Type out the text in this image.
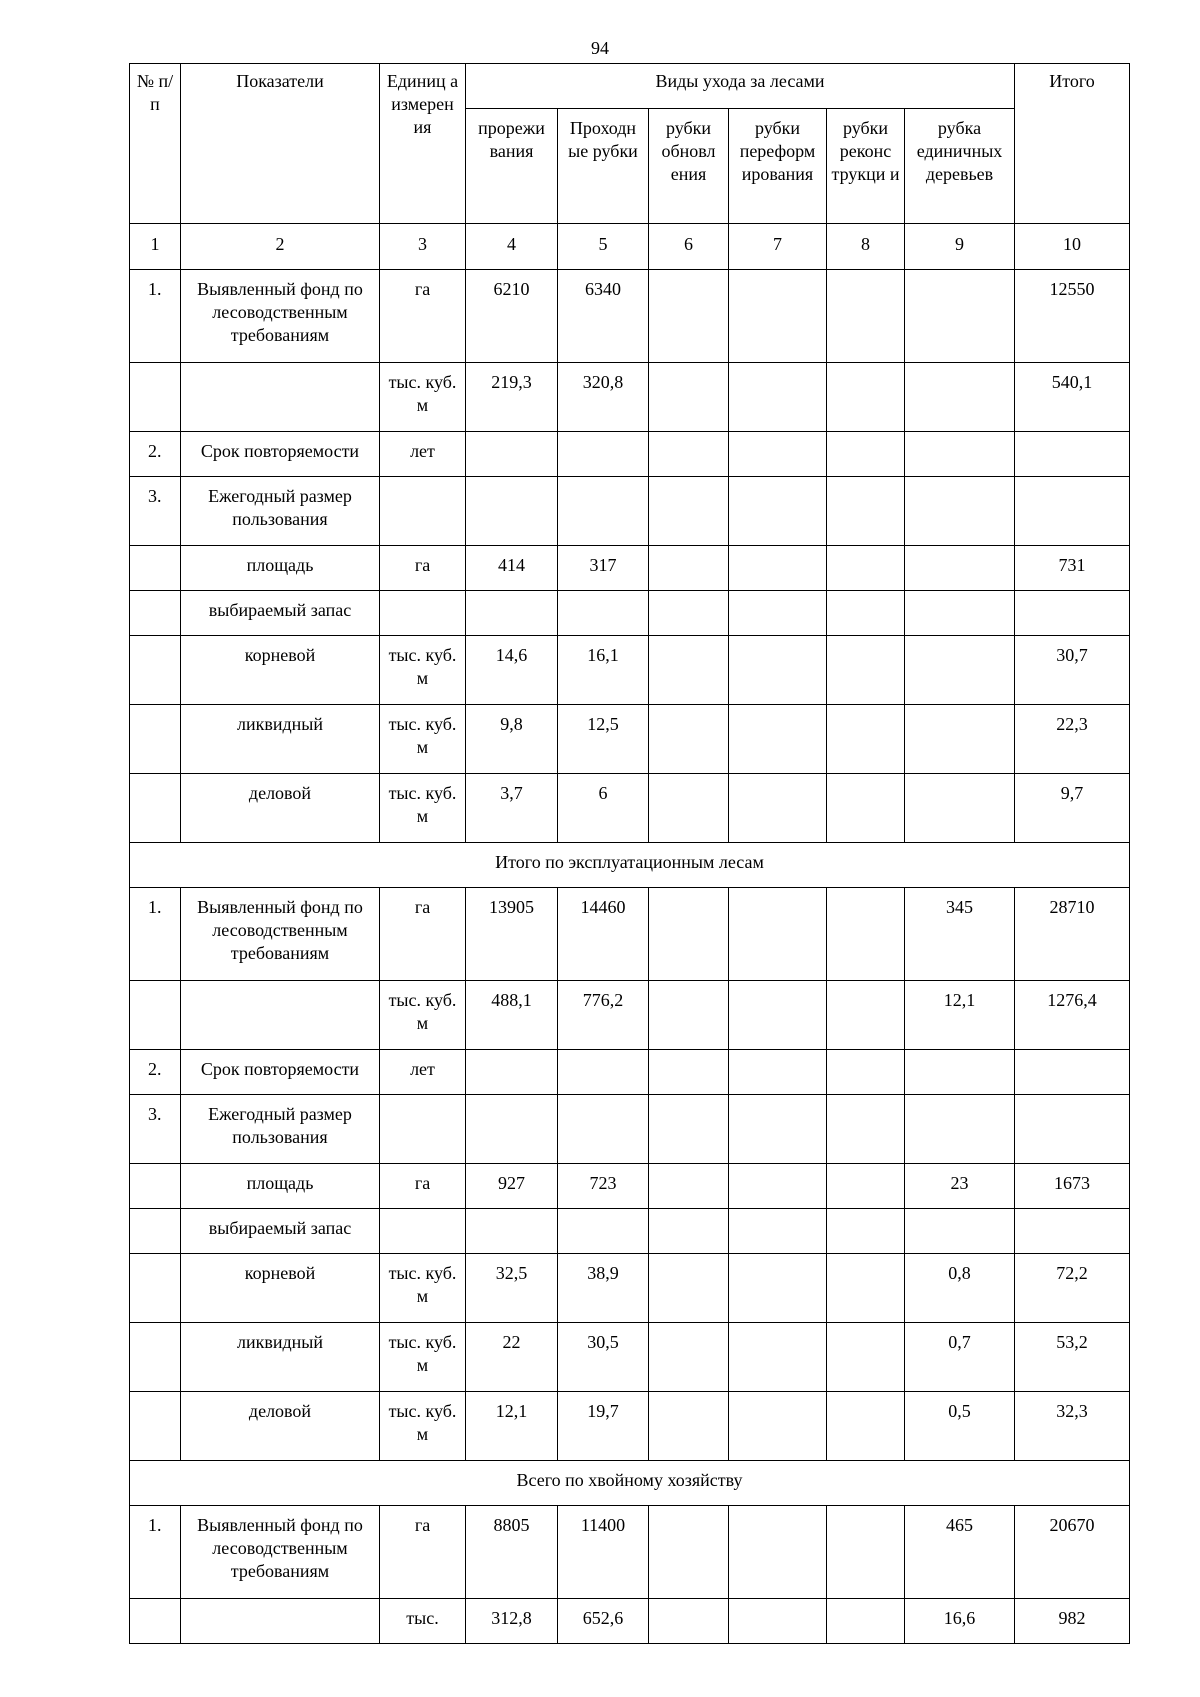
94
№ п/п	Показатели	Единиц а измерен ия	Виды ухода за лесами						Итого
			прорежи вания	Проходн ые рубки	рубки обновл ения	рубки переформ ирования	рубки реконс трукци и	рубка единичных деревьев	
1	2	3	4	5	6	7	8	9	10
1.	Выявленный фонд по лесоводственным требованиям	га	6210	6340					12550
		тыс. куб. м	219,3	320,8					540,1
2.	Срок повторяемости	лет							
3.	Ежегодный размер пользования								
	площадь	га	414	317					731
	выбираемый запас								
	корневой	тыс. куб. м	14,6	16,1					30,7
	ликвидный	тыс. куб. м	9,8	12,5					22,3
	деловой	тыс. куб. м	3,7	6					9,7
Итого по эксплуатационным лесам									
1.	Выявленный фонд по лесоводственным требованиям	га	13905	14460				345	28710
		тыс. куб. м	488,1	776,2				12,1	1276,4
2.	Срок повторяемости	лет							
3.	Ежегодный размер пользования								
	площадь	га	927	723				23	1673
	выбираемый запас								
	корневой	тыс. куб. м	32,5	38,9				0,8	72,2
	ликвидный	тыс. куб. м	22	30,5				0,7	53,2
	деловой	тыс. куб. м	12,1	19,7				0,5	32,3
Всего по хвойному хозяйству									
1.	Выявленный фонд по лесоводственным требованиям	га	8805	11400				465	20670
		тыс.	312,8	652,6				16,6	982
